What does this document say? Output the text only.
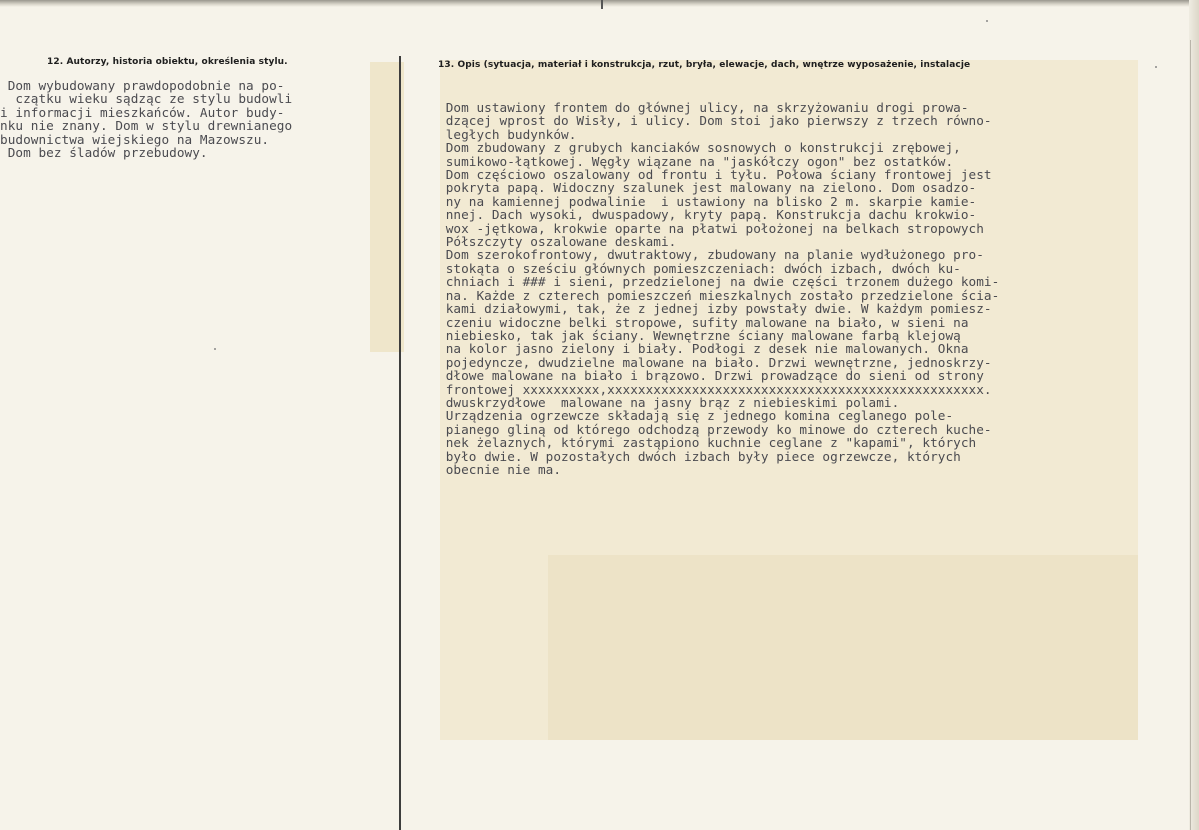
12. Autorzy, historia obiektu, określenia stylu.	13. Opis (sytuacja, materiał i konstrukcja, rzut, bryła, elewacje, dach, wnętrze wyposażenie, instalacje
Dom wybudowany prawdopodobnie na po-
czątku wieku sądząc ze stylu budowli
i informacji mieszkańców. Autor budy-
nku nie znany. Dom w stylu drewnianego
budownictwa wiejskiego na Mazowszu.
Dom bez śladów przebudowy.
Dom ustawiony frontem do głównej ulicy, na skrzyżowaniu drogi prowa-
dzącej wprost do Wisły, i ulicy. Dom stoi jako pierwszy z trzech równo-
ległych budynków.
Dom zbudowany z grubych kanciaków sosnowych o konstrukcji zrębowej,
sumikowo-łątkowej. Węgły wiązane na "jaskółczy ogon" bez ostatków.
Dom częściowo oszalowany od frontu i tyłu. Połowa ściany frontowej jest
pokryta papą. Widoczny szalunek jest malowany na zielono. Dom osadzo-
ny na kamiennej podwalinie  i ustawiony na blisko 2 m. skarpie kamie-
nnej. Dach wysoki, dwuspadowy, kryty papą. Konstrukcja dachu krokwio-
wox -jętkowa, krokwie oparte na płatwi położonej na belkach stropowych
Półszczyty oszalowane deskami.
Dom szerokofrontowy, dwutraktowy, zbudowany na planie wydłużonego pro-
stokąta o sześciu głównych pomieszczeniach: dwóch izbach, dwóch ku-
chniach i ### i sieni, przedzielonej na dwie części trzonem dużego komi-
na. Każde z czterech pomieszczeń mieszkalnych zostało przedzielone ścia-
kami działowymi, tak, że z jednej izby powstały dwie. W każdym pomiesz-
czeniu widoczne belki stropowe, sufity malowane na biało, w sieni na
niebiesko, tak jak ściany. Wewnętrzne ściany malowane farbą klejową
na kolor jasno zielony i biały. Podłogi z desek nie malowanych. Okna
pojedyncze, dwudzielne malowane na biało. Drzwi wewnętrzne, jednoskrzy-
dłowe malowane na biało i brązowo. Drzwi prowadzące do sieni od strony
frontowej xxxxxxxxxx,xxxxxxxxxxxxxxxxxxxxxxxxxxxxxxxxxxxxxxxxxxxxxxxxx.
dwuskrzydłowe  malowane na jasny brąz z niebieskimi polami.
Urządzenia ogrzewcze składają się z jednego komina ceglanego pole-
pianego gliną od którego odchodzą przewody ko minowe do czterech kuche-
nek żelaznych, którymi zastąpiono kuchnie ceglane z "kapami", których
było dwie. W pozostałych dwóch izbach były piece ogrzewcze, których
obecnie nie ma.
